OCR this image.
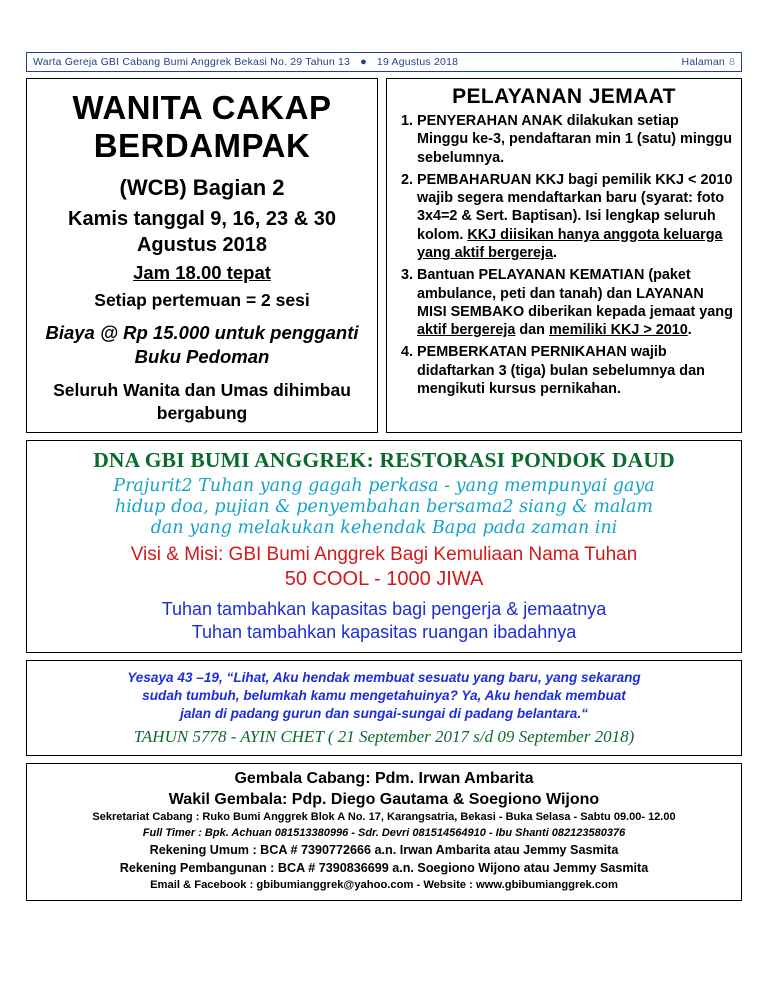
Warta Gereja GBI Cabang Bumi Anggrek Bekasi No. 29 Tahun 13 ● 19 Agustus 2018	Halaman 8
WANITA CAKAP
BERDAMPAK
(WCB) Bagian 2
Kamis tanggal 9, 16, 23 & 30 Agustus 2018
Jam 18.00 tepat
Setiap pertemuan = 2 sesi
Biaya @ Rp 15.000 untuk pengganti Buku Pedoman
Seluruh Wanita dan Umas dihimbau bergabung
PELAYANAN JEMAAT
1. PENYERAHAN ANAK dilakukan setiap Minggu ke-3, pendaftaran min 1 (satu) minggu sebelumnya.
2. PEMBAHARUAN KKJ bagi pemilik KKJ < 2010 wajib segera mendaftarkan baru (syarat: foto 3x4=2 & Sert. Baptisan). Isi lengkap seluruh kolom. KKJ diisikan hanya anggota keluarga yang aktif bergereja.
3. Bantuan PELAYANAN KEMATIAN (paket ambulance, peti dan tanah) dan LAYANAN MISI SEMBAKO diberikan kepada jemaat yang aktif bergereja dan memiliki KKJ > 2010.
4. PEMBERKATAN PERNIKAHAN wajib didaftarkan 3 (tiga) bulan sebelumnya dan mengikuti kursus pernikahan.
DNA GBI BUMI ANGGREK: RESTORASI PONDOK DAUD
Prajurit2 Tuhan yang gagah perkasa - yang mempunyai gaya
hidup doa, pujian & penyembahan bersama2 siang & malam
dan yang melakukan kehendak Bapa pada zaman ini
Visi & Misi: GBI Bumi Anggrek Bagi Kemuliaan Nama Tuhan
50 COOL - 1000 JIWA
Tuhan tambahkan kapasitas bagi pengerja & jemaatnya
Tuhan tambahkan kapasitas ruangan ibadahnya
Yesaya 43 –19, “Lihat, Aku hendak membuat sesuatu yang baru, yang sekarang
sudah tumbuh, belumkah kamu mengetahuinya? Ya, Aku hendak membuat
jalan di padang gurun dan sungai-sungai di padang belantara.“
TAHUN 5778 - AYIN CHET ( 21 September 2017 s/d 09 September 2018)
Gembala Cabang: Pdm. Irwan Ambarita
Wakil Gembala: Pdp. Diego Gautama & Soegiono Wijono
Sekretariat Cabang : Ruko Bumi Anggrek Blok A No. 17, Karangsatria, Bekasi - Buka Selasa - Sabtu 09.00- 12.00
Full Timer : Bpk. Achuan 081513380996 - Sdr. Devri 081514564910 - Ibu Shanti 082123580376
Rekening Umum : BCA # 7390772666 a.n. Irwan Ambarita atau Jemmy Sasmita
Rekening Pembangunan : BCA # 7390836699 a.n. Soegiono Wijono atau Jemmy Sasmita
Email & Facebook : gbibumianggrek@yahoo.com - Website : www.gbibumianggrek.com
